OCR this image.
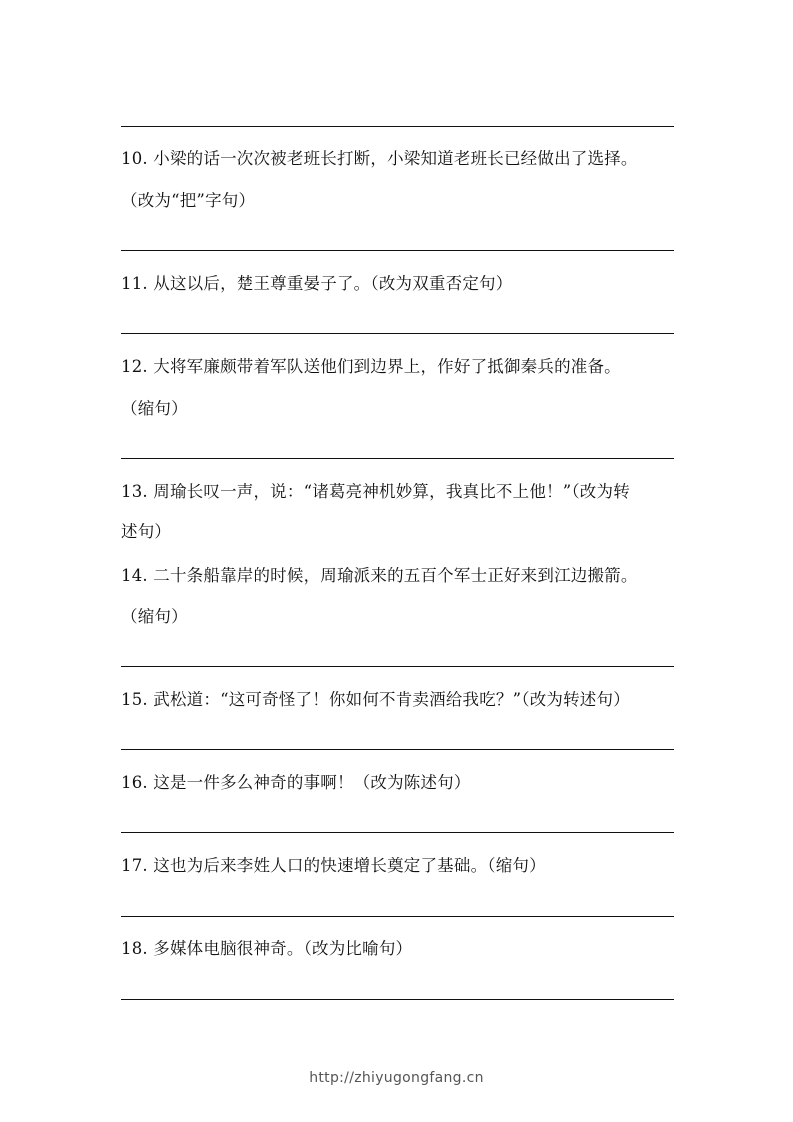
10. 小梁的话一次次被老班长打断，小梁知道老班长已经做出了选择。
（改为“把”字句）
11. 从这以后，楚王尊重晏子了。（改为双重否定句）
12. 大将军廉颇带着军队送他们到边界上，作好了抵御秦兵的准备。
（缩句）
13. 周瑜长叹一声，说：“诸葛亮神机妙算，我真比不上他！”（改为转
述句）
14. 二十条船靠岸的时候，周瑜派来的五百个军士正好来到江边搬箭。
（缩句）
15. 武松道：“这可奇怪了！你如何不肯卖酒给我吃？”（改为转述句）
16. 这是一件多么神奇的事啊！（改为陈述句）
17. 这也为后来李姓人口的快速增长奠定了基础。（缩句）
18. 多媒体电脑很神奇。（改为比喻句）
http://zhiyugongfang.cn
